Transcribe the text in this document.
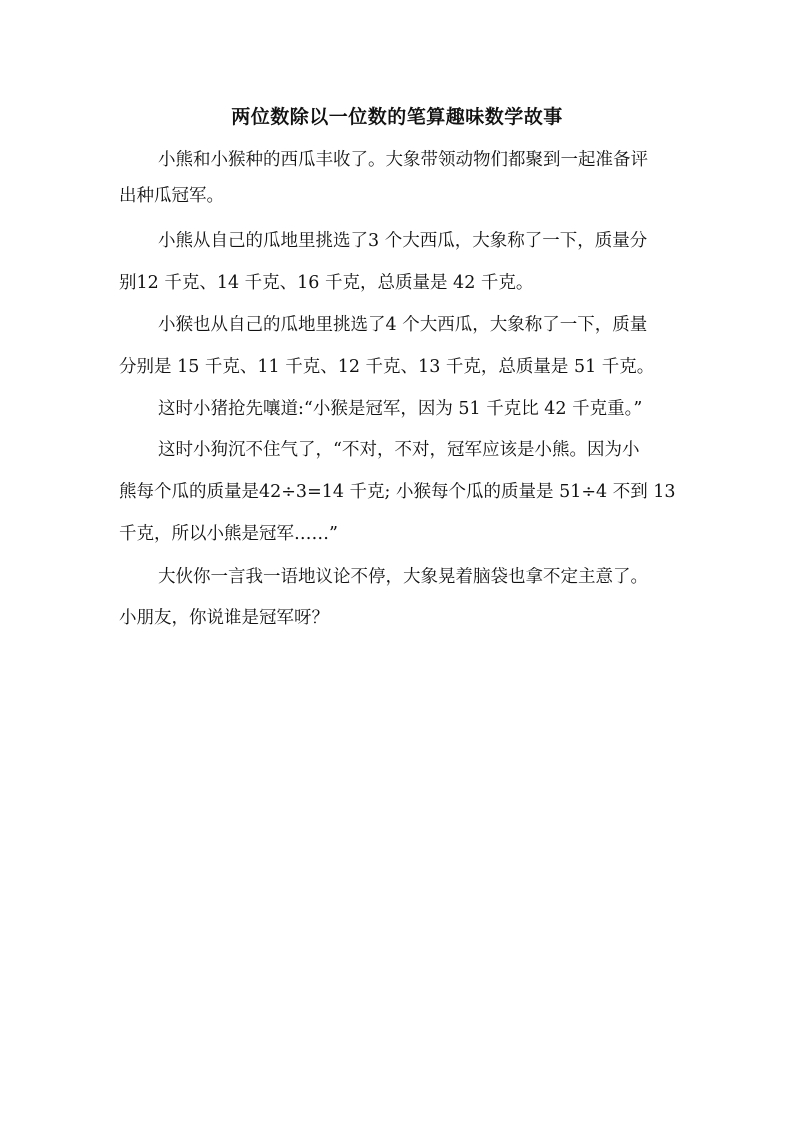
两位数除以一位数的笔算趣味数学故事
小熊和小猴种的西瓜丰收了。大象带领动物们都聚到一起准备评
出种瓜冠军。
小熊从自己的瓜地里挑选了3 个大西瓜，大象称了一下，质量分
别12 千克、14 千克、16 千克，总质量是 42 千克。
小猴也从自己的瓜地里挑选了4 个大西瓜，大象称了一下，质量
分别是 15 千克、11 千克、12 千克、13 千克，总质量是 51 千克。
这时小猪抢先嚷道:“小猴是冠军，因为 51 千克比 42 千克重。”
这时小狗沉不住气了，“不对，不对，冠军应该是小熊。因为小
熊每个瓜的质量是42÷3=14 千克; 小猴每个瓜的质量是 51÷4 不到 13
千克，所以小熊是冠军……”
大伙你一言我一语地议论不停，大象晃着脑袋也拿不定主意了。
小朋友，你说谁是冠军呀？
